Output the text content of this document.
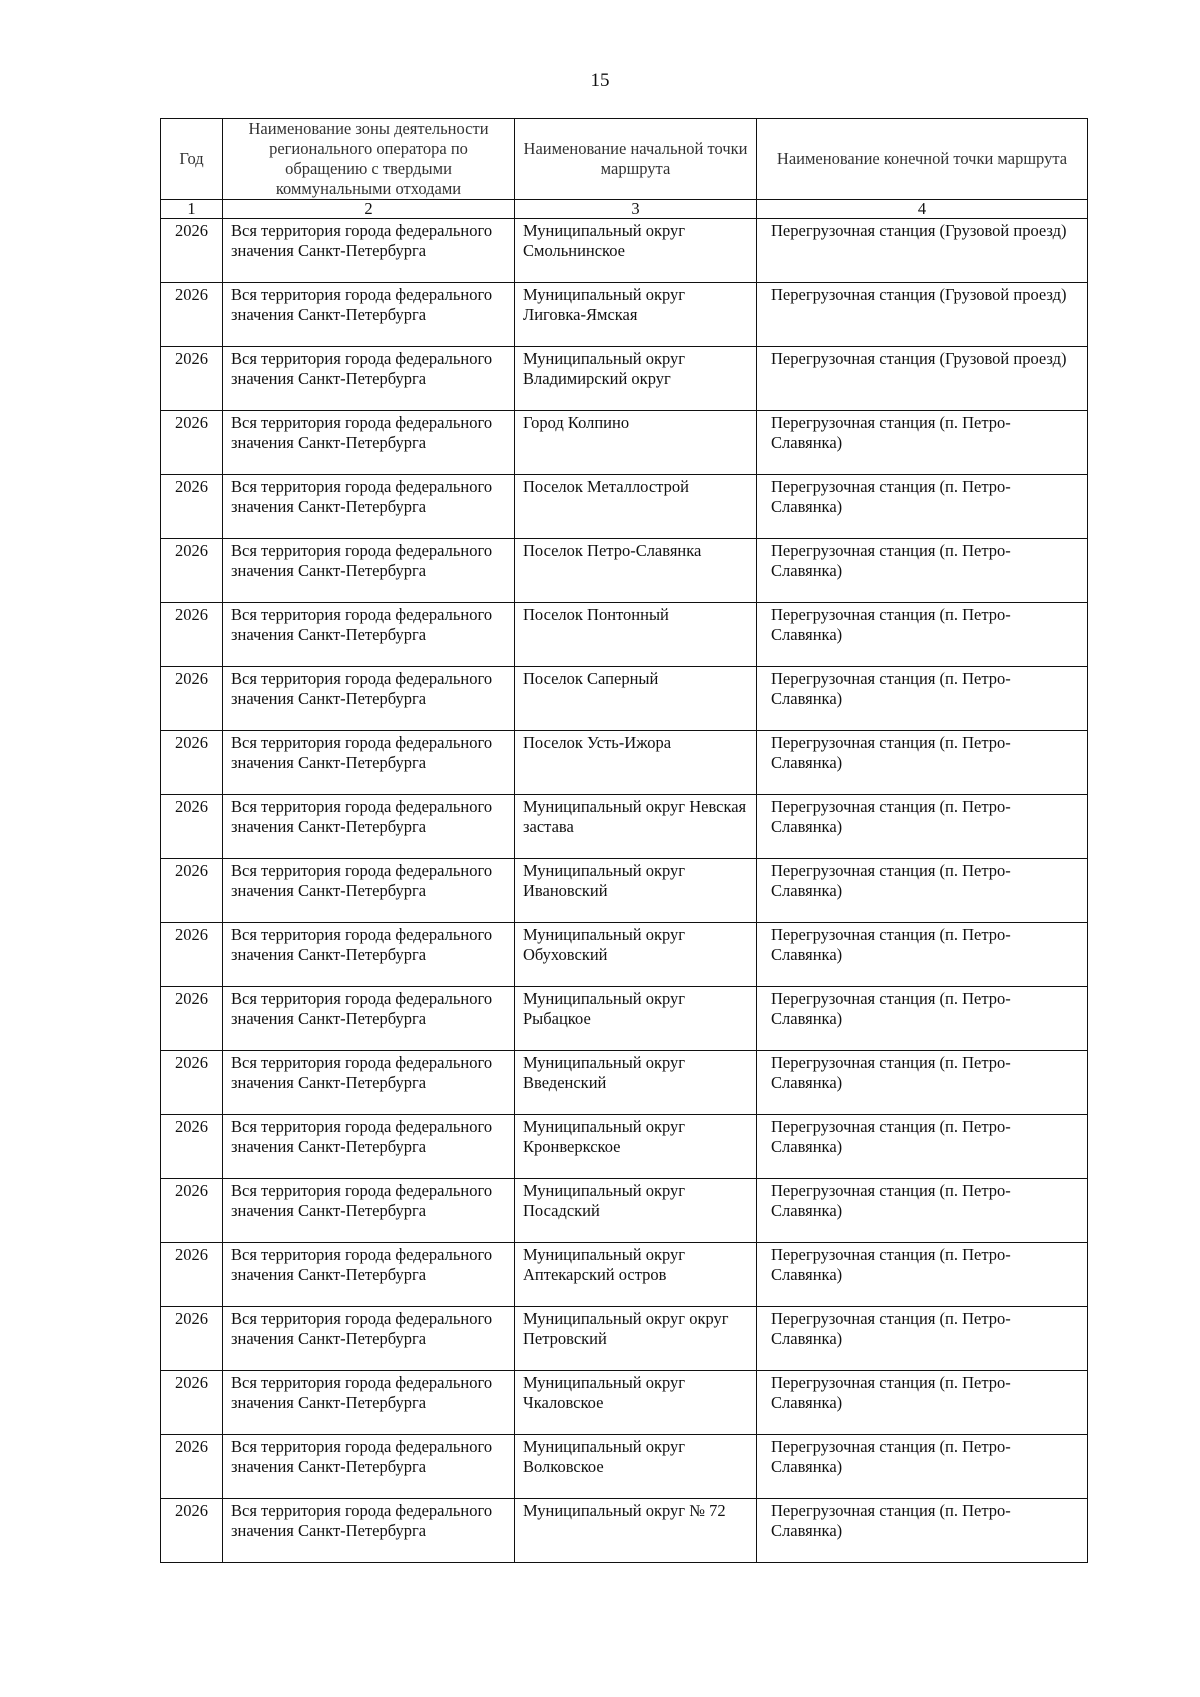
15
Год	Наименование зоны деятельности регионального оператора по обращению с твердыми коммунальными отходами	Наименование начальной точки маршрута	Наименование конечной точки маршрута
1	2	3	4
2026	Вся территория города федерального значения Санкт-Петербурга	Муниципальный округ Смольнинское	Перегрузочная станция (Грузовой проезд)
2026	Вся территория города федерального значения Санкт-Петербурга	Муниципальный округ Лиговка-Ямская	Перегрузочная станция (Грузовой проезд)
2026	Вся территория города федерального значения Санкт-Петербурга	Муниципальный округ Владимирский округ	Перегрузочная станция (Грузовой проезд)
2026	Вся территория города федерального значения Санкт-Петербурга	Город Колпино	Перегрузочная станция (п. Петро-Славянка)
2026	Вся территория города федерального значения Санкт-Петербурга	Поселок Металлострой	Перегрузочная станция (п. Петро-Славянка)
2026	Вся территория города федерального значения Санкт-Петербурга	Поселок Петро-Славянка	Перегрузочная станция (п. Петро-Славянка)
2026	Вся территория города федерального значения Санкт-Петербурга	Поселок Понтонный	Перегрузочная станция (п. Петро-Славянка)
2026	Вся территория города федерального значения Санкт-Петербурга	Поселок Саперный	Перегрузочная станция (п. Петро-Славянка)
2026	Вся территория города федерального значения Санкт-Петербурга	Поселок Усть-Ижора	Перегрузочная станция (п. Петро-Славянка)
2026	Вся территория города федерального значения Санкт-Петербурга	Муниципальный округ Невская застава	Перегрузочная станция (п. Петро-Славянка)
2026	Вся территория города федерального значения Санкт-Петербурга	Муниципальный округ Ивановский	Перегрузочная станция (п. Петро-Славянка)
2026	Вся территория города федерального значения Санкт-Петербурга	Муниципальный округ Обуховский	Перегрузочная станция (п. Петро-Славянка)
2026	Вся территория города федерального значения Санкт-Петербурга	Муниципальный округ Рыбацкое	Перегрузочная станция (п. Петро-Славянка)
2026	Вся территория города федерального значения Санкт-Петербурга	Муниципальный округ Введенский	Перегрузочная станция (п. Петро-Славянка)
2026	Вся территория города федерального значения Санкт-Петербурга	Муниципальный округ Кронверкское	Перегрузочная станция (п. Петро-Славянка)
2026	Вся территория города федерального значения Санкт-Петербурга	Муниципальный округ Посадский	Перегрузочная станция (п. Петро-Славянка)
2026	Вся территория города федерального значения Санкт-Петербурга	Муниципальный округ Аптекарский остров	Перегрузочная станция (п. Петро-Славянка)
2026	Вся территория города федерального значения Санкт-Петербурга	Муниципальный округ округ Петровский	Перегрузочная станция (п. Петро-Славянка)
2026	Вся территория города федерального значения Санкт-Петербурга	Муниципальный округ Чкаловское	Перегрузочная станция (п. Петро-Славянка)
2026	Вся территория города федерального значения Санкт-Петербурга	Муниципальный округ Волковское	Перегрузочная станция (п. Петро-Славянка)
2026	Вся территория города федерального значения Санкт-Петербурга	Муниципальный округ № 72	Перегрузочная станция (п. Петро-Славянка)
